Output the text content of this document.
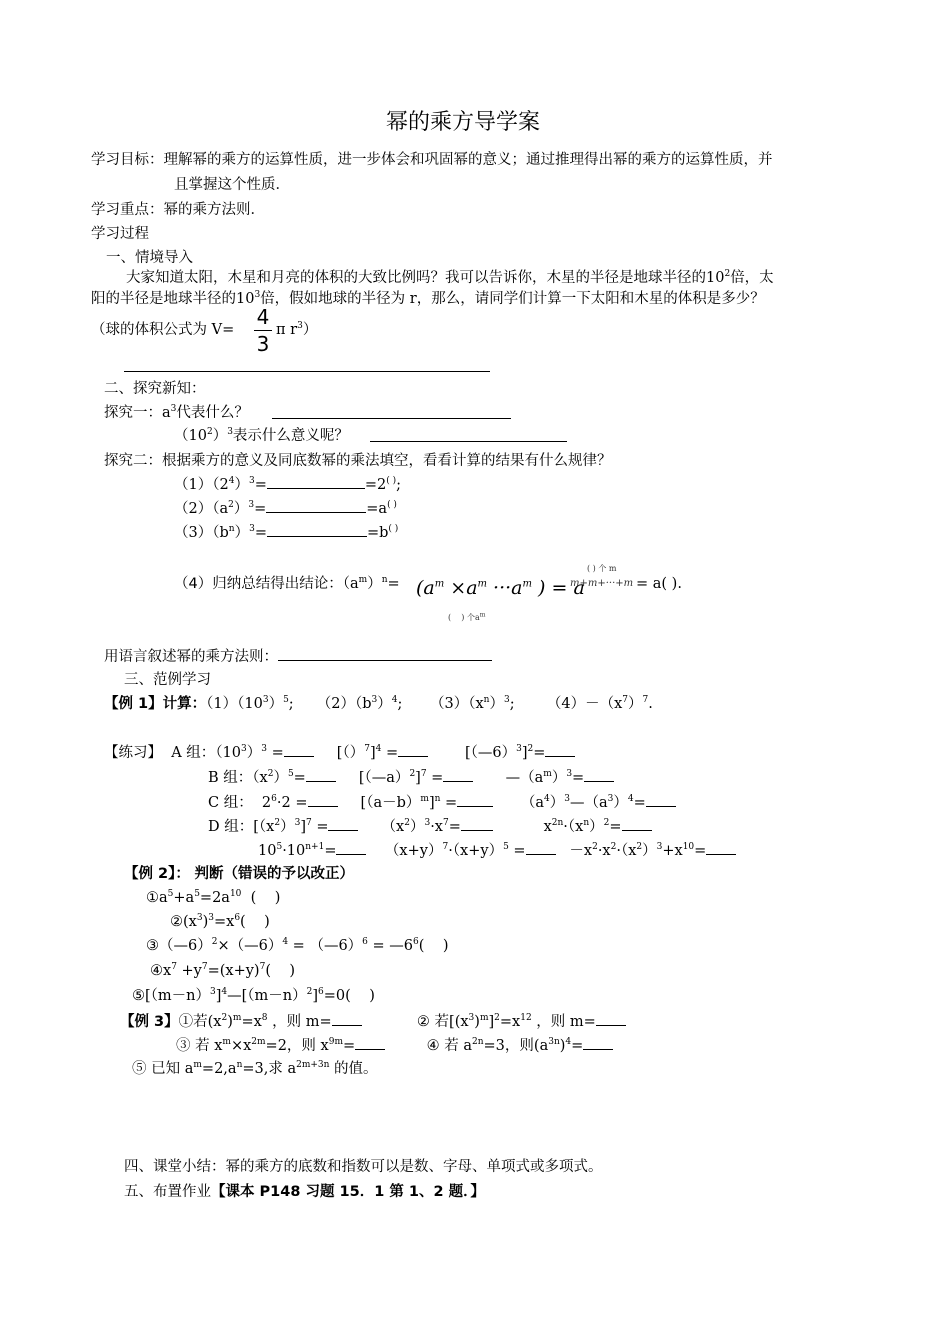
幂的乘方导学案
学习目标：理解幂的乘方的运算性质，进一步体会和巩固幂的意义；通过推理得出幂的乘方的运算性质，并
且掌握这个性质．
学习重点：幂的乘方法则．
学习过程
一、情境导入
大家知道太阳，木星和月亮的体积的大致比例吗？我可以告诉你，木星的半径是地球半径的$10^2$倍，太
阳的半径是地球半径的$10^3$倍，假如地球的半径为 r，那么，请同学们计算一下太阳和木星的体积是多少？
（球的体积公式为 V=
4
3
π $r^3$）
二、探究新知：
探究一：$a^3$代表什么？
$(10^2)^3$表示什么意义呢？
探究二：根据乘方的意义及同底数幂的乘法填空，看看计算的结果有什么规律？
$(1)(2^4)^3=$	=2( );
$(2)(a^2)^3=$	=a( )
$(3)(b^n)^3=$	=b( )
（4）归纳总结得出结论：$(a^m)^n= (a^m \times a^m \cdot\cdot\cdot a^m$ ) = a
m+m+···+m
( ) 个 m
(    ) 个$a^m$
= a( ).
用语言叙述幂的乘方法则：
三、范例学习
【例 1】计算：$(1)(10^3)^5$;     $(2)(b^3)^4$;      $(3)(x^n)^3$;       $(4)-(x^7)^7$.
【练习】 A 组：$(10^3)^3$ =     $[()^7]^4$ =        [（—6）$^3$]$^2$=
B 组：$(x^2)^5=$     [（—a）$^2$]$^7$ =       $—(a^m)^3=$
C 组：  $2^6\cdot 2$ =     $[(a-b)^m]^n$ =      $(a^4)^3—(a^3)^4=$
D 组：$[(x^2)^3]^7$ =     $(x^2)^3\cdot x^7=$           $x^{2n}\cdot(x^n)^2=$
$10^5\cdot 10^{n+1}=$    $(x+y)^7\cdot(x+y)^5 = -x^2\cdot x^2\cdot(x^2)^3+x^{10}=$
【例 2】： 判断（错误的予以改正）
$①a^5+a^5=2a^{10}$  (    )
$②(x^3)^3=x^6$(    )
③（—6）$^2$×（—6）$^4$ = （—6）$^6$ = $—6^6$(    )
$④x^7 +y^7=(x+y)^7$(    )
$⑤[(m-n)^3]^4—[(m-n)^2]^6=0$(    )
【例 3】①若$(x^2)^m=x^8$ ，则 m=            ② 若$[(x^3)^m]^2=x^{12}$ ，则 m=
③ 若 $x^m\times x^{2m}=2$，则 $x^{9m}=$         ④ 若 $a^{2n}=3$，则$(a^{3n})^4=$
⑤ 已知 $a^m=2,a^n=3$,求 $a^{2m+3n}$ 的值。
四、课堂小结：幂的乘方的底数和指数可以是数、字母、单项式或多项式。
五、布置作业【课本 P148 习题 15．1 第 1、2 题．】
